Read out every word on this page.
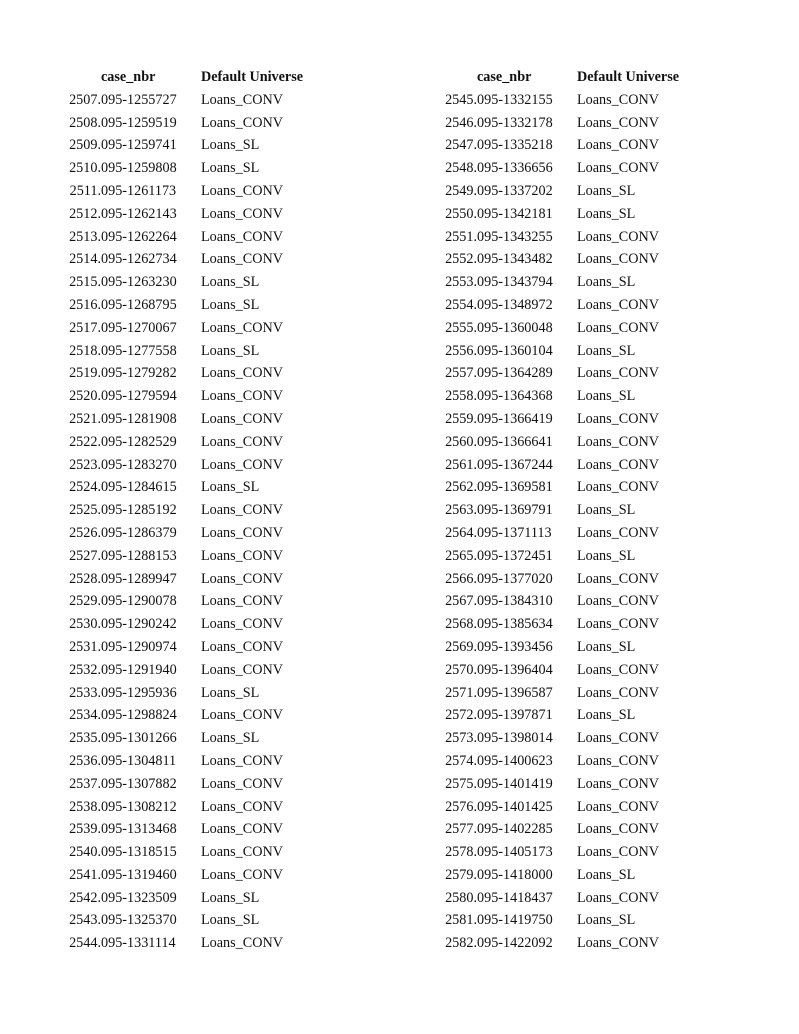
	case_nbr	Default Universe
2507.	095-1255727	Loans_CONV
2508.	095-1259519	Loans_CONV
2509.	095-1259741	Loans_SL
2510.	095-1259808	Loans_SL
2511.	095-1261173	Loans_CONV
2512.	095-1262143	Loans_CONV
2513.	095-1262264	Loans_CONV
2514.	095-1262734	Loans_CONV
2515.	095-1263230	Loans_SL
2516.	095-1268795	Loans_SL
2517.	095-1270067	Loans_CONV
2518.	095-1277558	Loans_SL
2519.	095-1279282	Loans_CONV
2520.	095-1279594	Loans_CONV
2521.	095-1281908	Loans_CONV
2522.	095-1282529	Loans_CONV
2523.	095-1283270	Loans_CONV
2524.	095-1284615	Loans_SL
2525.	095-1285192	Loans_CONV
2526.	095-1286379	Loans_CONV
2527.	095-1288153	Loans_CONV
2528.	095-1289947	Loans_CONV
2529.	095-1290078	Loans_CONV
2530.	095-1290242	Loans_CONV
2531.	095-1290974	Loans_CONV
2532.	095-1291940	Loans_CONV
2533.	095-1295936	Loans_SL
2534.	095-1298824	Loans_CONV
2535.	095-1301266	Loans_SL
2536.	095-1304811	Loans_CONV
2537.	095-1307882	Loans_CONV
2538.	095-1308212	Loans_CONV
2539.	095-1313468	Loans_CONV
2540.	095-1318515	Loans_CONV
2541.	095-1319460	Loans_CONV
2542.	095-1323509	Loans_SL
2543.	095-1325370	Loans_SL
2544.	095-1331114	Loans_CONV
	case_nbr	Default Universe
2545.	095-1332155	Loans_CONV
2546.	095-1332178	Loans_CONV
2547.	095-1335218	Loans_CONV
2548.	095-1336656	Loans_CONV
2549.	095-1337202	Loans_SL
2550.	095-1342181	Loans_SL
2551.	095-1343255	Loans_CONV
2552.	095-1343482	Loans_CONV
2553.	095-1343794	Loans_SL
2554.	095-1348972	Loans_CONV
2555.	095-1360048	Loans_CONV
2556.	095-1360104	Loans_SL
2557.	095-1364289	Loans_CONV
2558.	095-1364368	Loans_SL
2559.	095-1366419	Loans_CONV
2560.	095-1366641	Loans_CONV
2561.	095-1367244	Loans_CONV
2562.	095-1369581	Loans_CONV
2563.	095-1369791	Loans_SL
2564.	095-1371113	Loans_CONV
2565.	095-1372451	Loans_SL
2566.	095-1377020	Loans_CONV
2567.	095-1384310	Loans_CONV
2568.	095-1385634	Loans_CONV
2569.	095-1393456	Loans_SL
2570.	095-1396404	Loans_CONV
2571.	095-1396587	Loans_CONV
2572.	095-1397871	Loans_SL
2573.	095-1398014	Loans_CONV
2574.	095-1400623	Loans_CONV
2575.	095-1401419	Loans_CONV
2576.	095-1401425	Loans_CONV
2577.	095-1402285	Loans_CONV
2578.	095-1405173	Loans_CONV
2579.	095-1418000	Loans_SL
2580.	095-1418437	Loans_CONV
2581.	095-1419750	Loans_SL
2582.	095-1422092	Loans_CONV
